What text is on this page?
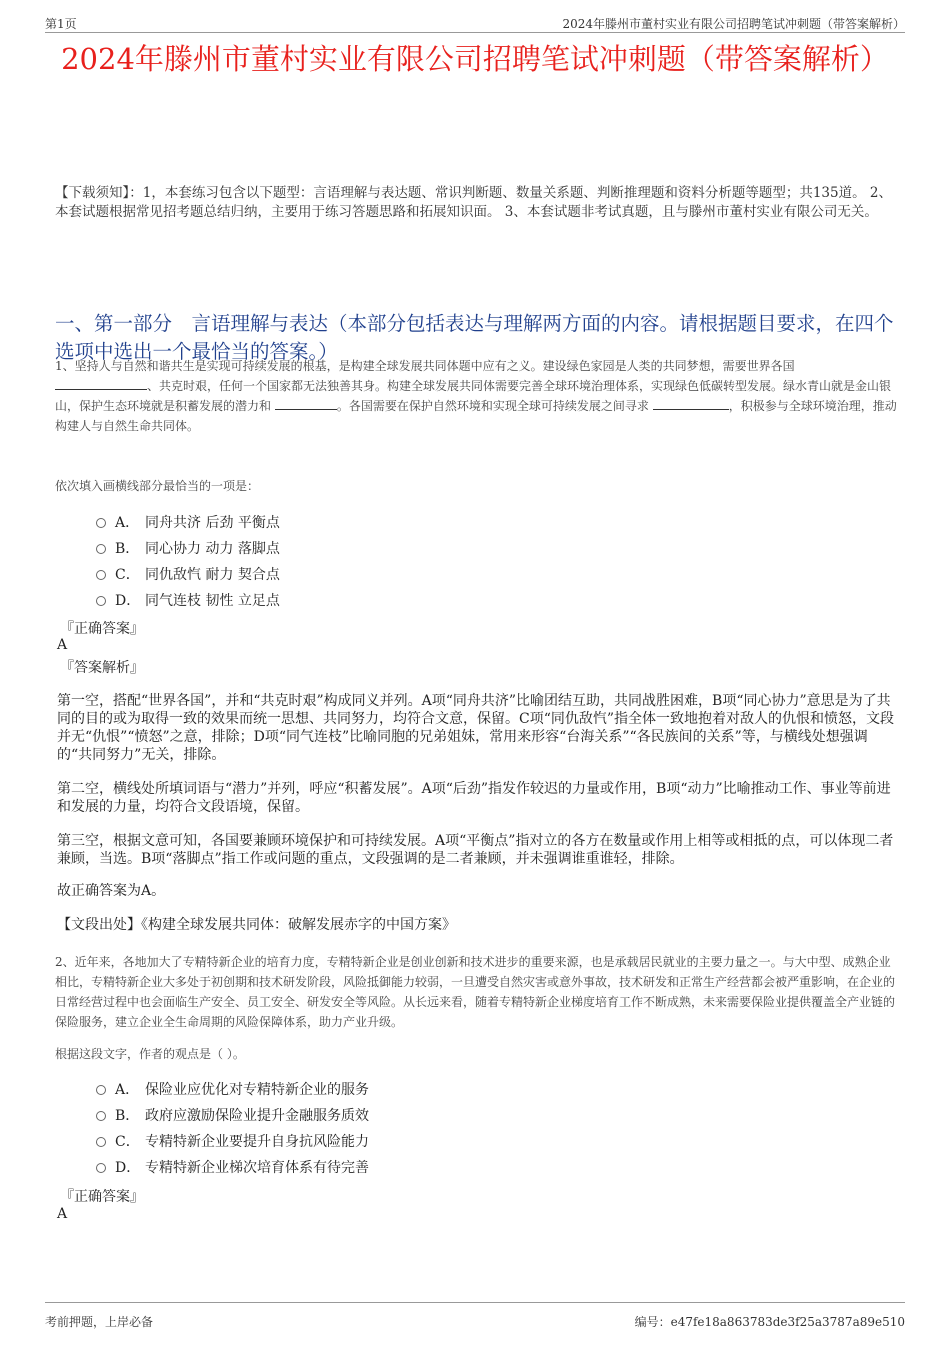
第1页	2024年滕州市董村实业有限公司招聘笔试冲刺题（带答案解析）
2024年滕州市董村实业有限公司招聘笔试冲刺题（带答案解析）
【下载须知】：1，本套练习包含以下题型：言语理解与表达题、常识判断题、数量关系题、判断推理题和资料分析题等题型；共135道。 2、本套试题根据常见招考题总结归纳，主要用于练习答题思路和拓展知识面。 3、本套试题非考试真题，且与滕州市董村实业有限公司无关。
一、第一部分　言语理解与表达（本部分包括表达与理解两方面的内容。请根据题目要求，在四个选项中选出一个最恰当的答案。）
1、坚持人与自然和谐共生是实现可持续发展的根基，是构建全球发展共同体题中应有之义。建设绿色家园是人类的共同梦想，需要世界各国
、共克时艰，任何一个国家都无法独善其身。构建全球发展共同体需要完善全球环境治理体系，实现绿色低碳转型发展。绿水青山就是金山银山，保护生态环境就是积蓄发展的潜力和	。各国需要在保护自然环境和实现全球可持续发展之间寻求	，积极参与全球环境治理，推动构建人与自然生命共同体。
依次填入画横线部分最恰当的一项是：
A． 同舟共济 后劲 平衡点
B． 同心协力 动力 落脚点
C． 同仇敌忾 耐力 契合点
D． 同气连枝 韧性 立足点
『正确答案』
A
『答案解析』
第一空，搭配“世界各国”，并和“共克时艰”构成同义并列。A项“同舟共济”比喻团结互助，共同战胜困难，B项“同心协力”意思是为了共同的目的或为取得一致的效果而统一思想、共同努力，均符合文意，保留。C项“同仇敌忾”指全体一致地抱着对敌人的仇恨和愤怒，文段并无“仇恨”“愤怒”之意，排除；D项“同气连枝”比喻同胞的兄弟姐妹，常用来形容“台海关系”“各民族间的关系”等，与横线处想强调的“共同努力”无关，排除。
第二空，横线处所填词语与“潜力”并列，呼应“积蓄发展”。A项“后劲”指发作较迟的力量或作用，B项“动力”比喻推动工作、事业等前进和发展的力量，均符合文段语境，保留。
第三空，根据文意可知，各国要兼顾环境保护和可持续发展。A项“平衡点”指对立的各方在数量或作用上相等或相抵的点，可以体现二者兼顾，当选。B项“落脚点”指工作或问题的重点，文段强调的是二者兼顾，并未强调谁重谁轻，排除。
故正确答案为A。
【文段出处】《构建全球发展共同体：破解发展赤字的中国方案》
2、近年来，各地加大了专精特新企业的培育力度，专精特新企业是创业创新和技术进步的重要来源，也是承载居民就业的主要力量之一。与大中型、成熟企业相比，专精特新企业大多处于初创期和技术研发阶段，风险抵御能力较弱，一旦遭受自然灾害或意外事故，技术研发和正常生产经营都会被严重影响，在企业的日常经营过程中也会面临生产安全、员工安全、研发安全等风险。从长远来看，随着专精特新企业梯度培育工作不断成熟，未来需要保险业提供覆盖全产业链的保险服务，建立企业全生命周期的风险保障体系，助力产业升级。
根据这段文字，作者的观点是（ ）。
A． 保险业应优化对专精特新企业的服务
B． 政府应激励保险业提升金融服务质效
C． 专精特新企业要提升自身抗风险能力
D． 专精特新企业梯次培育体系有待完善
『正确答案』
A
考前押题，上岸必备	编号：e47fe18a863783de3f25a3787a89e510
